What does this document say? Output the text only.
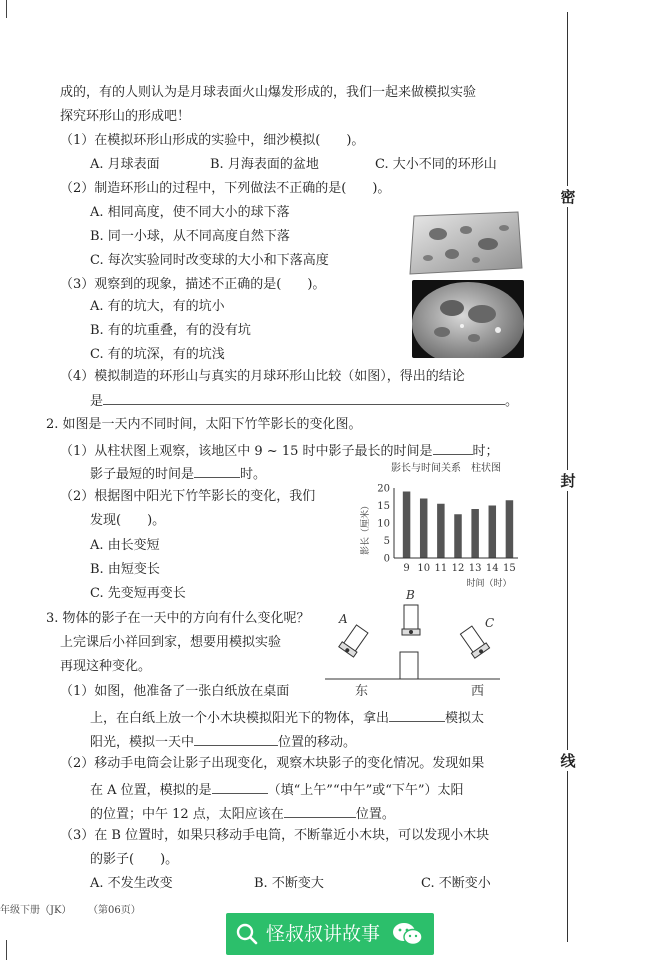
成的，有的人则认为是月球表面火山爆发形成的，我们一起来做模拟实验
探究环形山的形成吧！
（1）在模拟环形山形成的实验中，细沙模拟(　　)。
A. 月球表面	B. 月海表面的盆地	C. 大小不同的环形山
（2）制造环形山的过程中，下列做法不正确的是(　　)。
A. 相同高度，使不同大小的球下落
B. 同一小球，从不同高度自然下落
C. 每次实验同时改变球的大小和下落高度
（3）观察到的现象，描述不正确的是(　　)。
A. 有的坑大，有的坑小
B. 有的坑重叠，有的没有坑
C. 有的坑深，有的坑浅
（4）模拟制造的环形山与真实的月球环形山比较（如图），得出的结论
是	。
2. 如图是一天内不同时间，太阳下竹竿影长的变化图。
（1）从柱状图上观察，该地区中 9 ~ 15 时中影子最长的时间是	时；
影子最短的时间是	时。
（2）根据图中阳光下竹竿影长的变化，我们
发现(　　)。
A. 由长变短
B. 由短变长
C. 先变短再变长
影长与时间关系　柱状图
影长（厘米）
0
5
10
15
20
9 10 11 12 13 14 15
时间（时）
3. 物体的影子在一天中的方向有什么变化呢？
上完课后小祥回到家，想要用模拟实验
再现这种变化。
A
B
C
东	西
（1）如图，他准备了一张白纸放在桌面
上，在白纸上放一个小木块模拟阳光下的物体，拿出	模拟太
阳光，模拟一天中	位置的移动。
（2）移动手电筒会让影子出现变化，观察木块影子的变化情况。发现如果
在 A 位置，模拟的是	（填“上午”“中午”或“下午”）太阳
的位置；中午 12 点，太阳应该在	位置。
（3）在 B 位置时，如果只移动手电筒，不断靠近小木块，可以发现小木块
的影子(　　)。
A. 不发生改变	B. 不断变大	C. 不断变小
密
封
线
年级下册（JK） （第06页）
怪叔叔讲故事
